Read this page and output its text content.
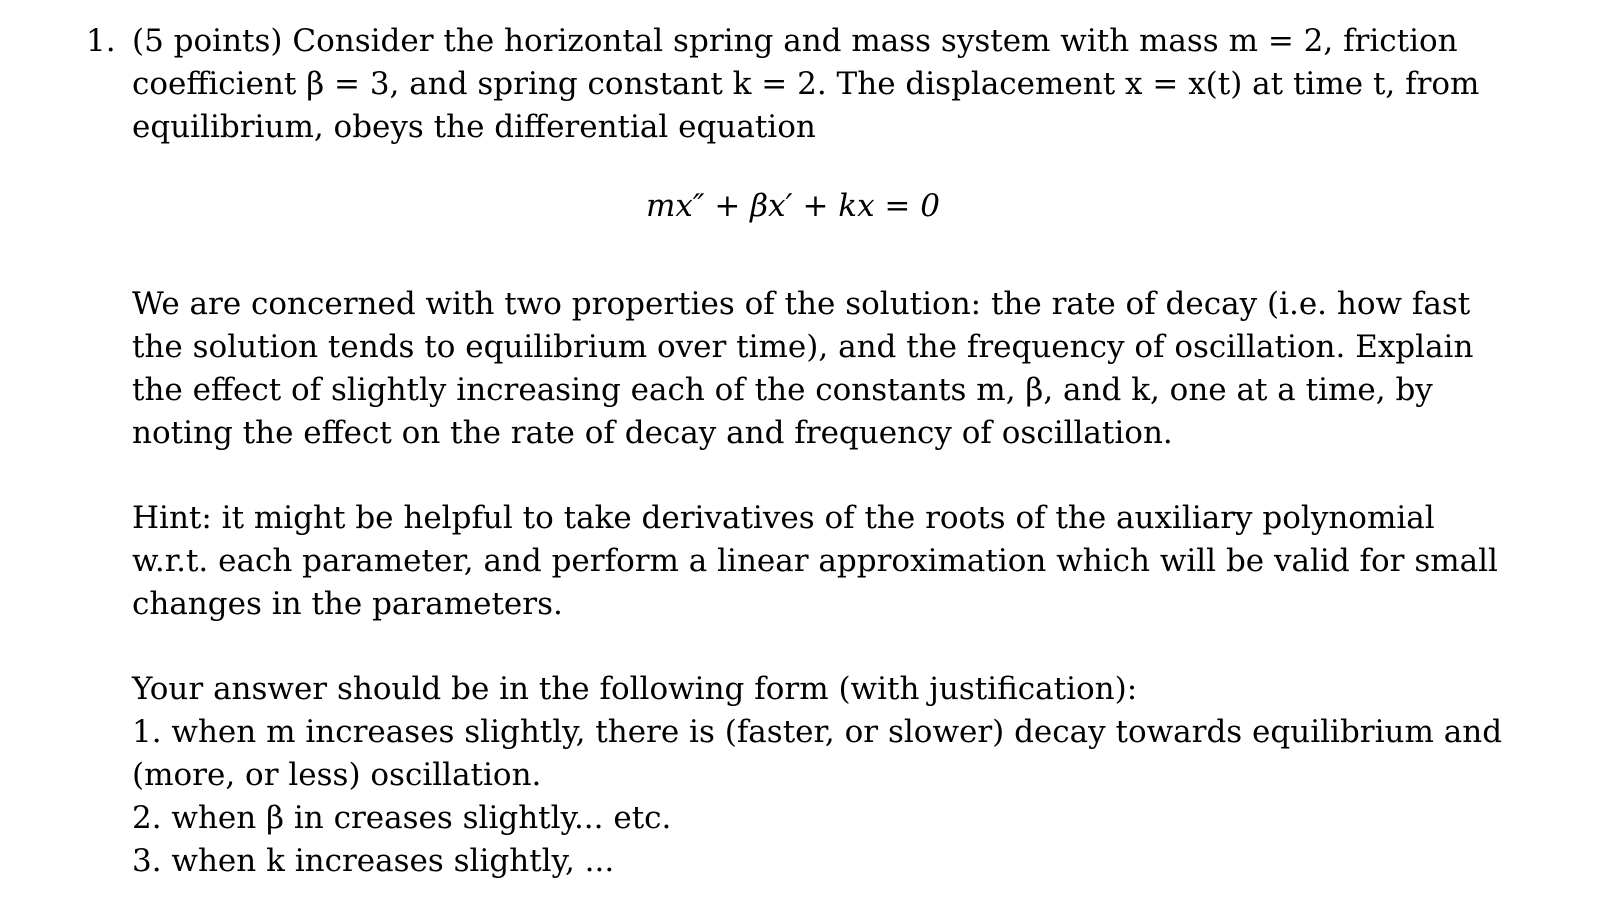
1. (5 points) Consider the horizontal spring and mass system with mass m = 2, friction
coefficient β = 3, and spring constant k = 2. The displacement x = x(t) at time t, from
equilibrium, obeys the differential equation
mx″ + βx′ + kx = 0
We are concerned with two properties of the solution: the rate of decay (i.e. how fast
the solution tends to equilibrium over time), and the frequency of oscillation. Explain
the effect of slightly increasing each of the constants m, β, and k, one at a time, by
noting the effect on the rate of decay and frequency of oscillation.
Hint: it might be helpful to take derivatives of the roots of the auxiliary polynomial
w.r.t. each parameter, and perform a linear approximation which will be valid for small
changes in the parameters.
Your answer should be in the following form (with justification):
1. when m increases slightly, there is (faster, or slower) decay towards equilibrium and
(more, or less) oscillation.
2. when β in creases slightly... etc.
3. when k increases slightly, ...
